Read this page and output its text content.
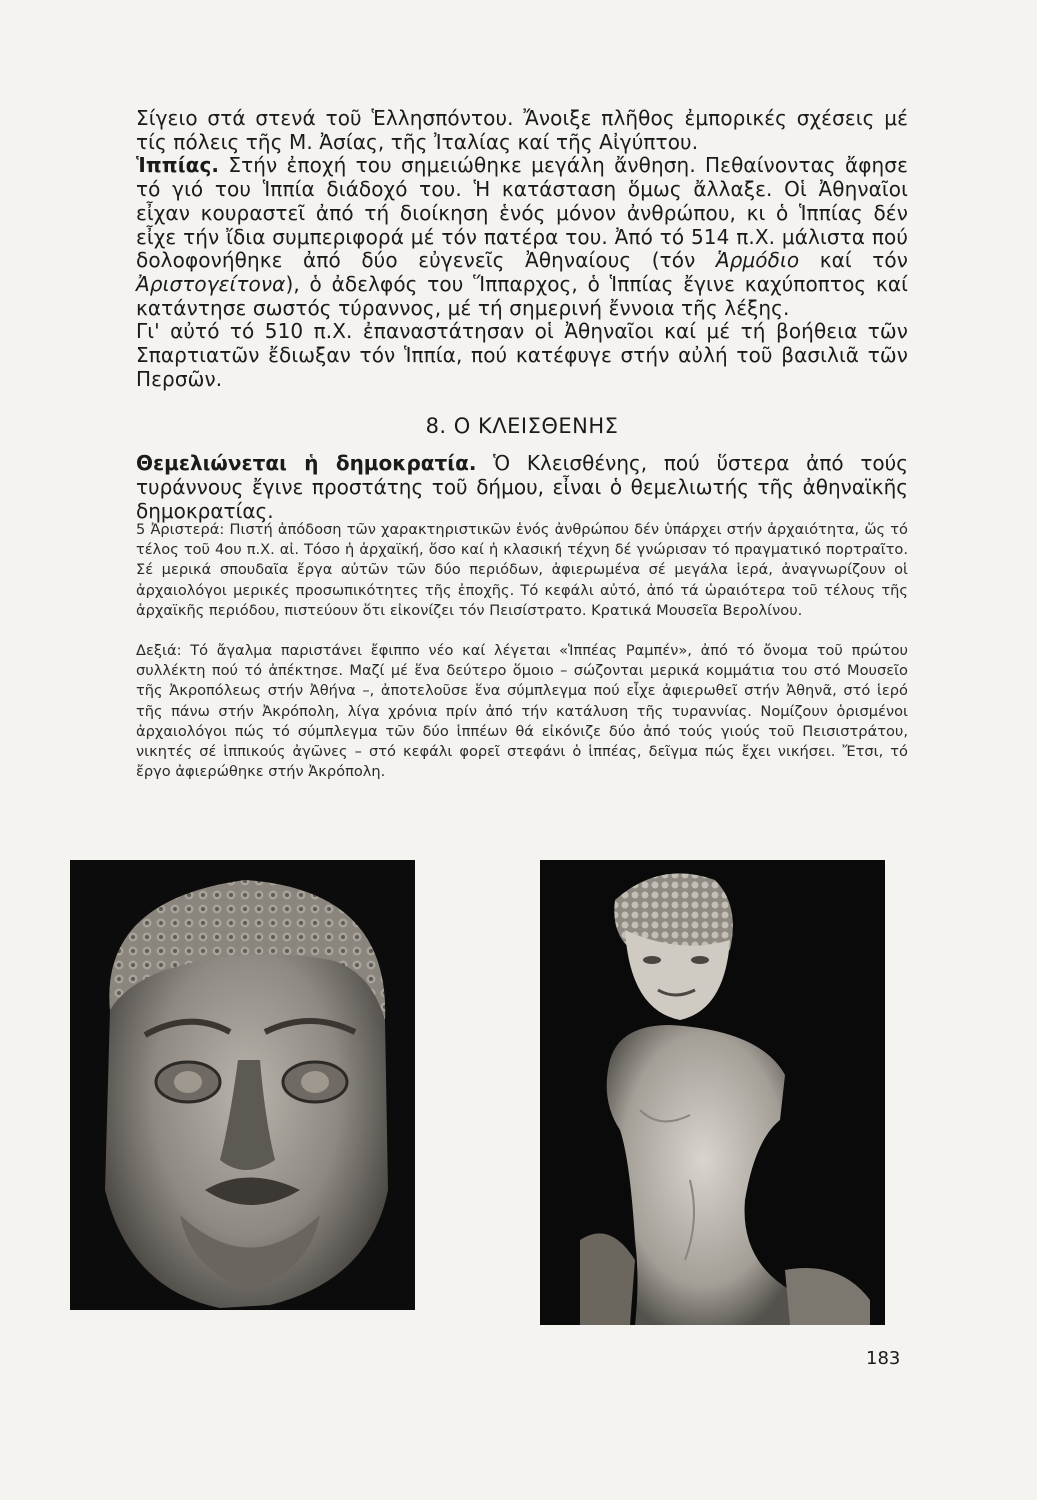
Σίγειο στά στενά τοῦ Ἑλλησπόντου. Ἄνοιξε πλῆθος ἐμπορικές σχέσεις μέ τίς πόλεις τῆς Μ. Ἀσίας, τῆς Ἰταλίας καί τῆς Αἰγύπτου.

Ἱππίας. Στήν ἐποχή του σημειώθηκε μεγάλη ἄνθηση. Πεθαίνοντας ἄφησε τό γιό του Ἱππία διάδοχό του. Ἡ κατάσταση ὅμως ἄλλαξε. Οἱ Ἀθηναῖοι εἶχαν κουραστεῖ ἀπό τή διοίκηση ἑνός μόνον ἀνθρώπου, κι ὁ Ἱππίας δέν εἶχε τήν ἴδια συμπεριφορά μέ τόν πατέρα του. Ἀπό τό 514 π.Χ. μάλιστα πού δολοφονήθηκε ἀπό δύο εὐγενεῖς Ἀθηναίους (τόν Ἁρμόδιο καί τόν Ἀριστογείτονα), ὁ ἀδελφός του Ἵππαρχος, ὁ Ἱππίας ἔγινε καχύποπτος καί κατάντησε σωστός τύραννος, μέ τή σημερινή ἔννοια τῆς λέξης.

Γι' αὐτό τό 510 π.Χ. ἐπαναστάτησαν οἱ Ἀθηναῖοι καί μέ τή βοήθεια τῶν Σπαρτιατῶν ἔδιωξαν τόν Ἱππία, πού κατέφυγε στήν αὐλή τοῦ βασιλιᾶ τῶν Περσῶν.

8. Ο ΚΛΕΙΣΘΕΝΗΣ
Θεμελιώνεται ἡ δημοκρατία. Ὁ Κλεισθένης, πού ὕστερα ἀπό τούς τυράννους ἔγινε προστάτης τοῦ δήμου, εἶναι ὁ θεμελιωτής τῆς ἀθηναϊκῆς δημοκρατίας.

5 Ἀριστερά: Πιστή ἀπόδοση τῶν χαρακτηριστικῶν ἑνός ἀνθρώπου δέν ὑπάρχει στήν ἀρχαιότητα, ὥς τό τέλος τοῦ 4ου π.Χ. αἰ. Τόσο ἡ ἀρχαϊκή, ὅσο καί ἡ κλασική τέχνη δέ γνώρισαν τό πραγματικό πορτραῖτο. Σέ μερικά σπουδαῖα ἔργα αὐτῶν τῶν δύο περιόδων, ἀφιερωμένα σέ μεγάλα ἱερά, ἀναγνωρίζουν οἱ ἀρχαιολόγοι μερικές προσωπικότητες τῆς ἐποχῆς. Τό κεφάλι αὐτό, ἀπό τά ὡραιότερα τοῦ τέλους τῆς ἀρχαϊκῆς περιόδου, πιστεύουν ὅτι εἰκονίζει τόν Πεισίστρατο. Κρατικά Μουσεῖα Βερολίνου.

Δεξιά: Τό ἄγαλμα παριστάνει ἔφιππο νέο καί λέγεται «Ἱππέας Ραμπέν», ἀπό τό ὄνομα τοῦ πρώτου συλλέκτη πού τό ἀπέκτησε. Μαζί μέ ἕνα δεύτερο ὅμοιο – σώζονται μερικά κομμάτια του στό Μουσεῖο τῆς Ἀκροπόλεως στήν Ἀθήνα –, ἀποτελοῦσε ἕνα σύμπλεγμα πού εἶχε ἀφιερωθεῖ στήν Ἀθηνᾶ, στό ἱερό τῆς πάνω στήν Ἀκρόπολη, λίγα χρόνια πρίν ἀπό τήν κατάλυση τῆς τυραννίας. Νομίζουν ὁρισμένοι ἀρχαιολόγοι πώς τό σύμπλεγμα τῶν δύο ἱππέων θά εἰκόνιζε δύο ἀπό τούς γιούς τοῦ Πεισιστράτου, νικητές σέ ἱππικούς ἀγῶνες – στό κεφάλι φορεῖ στεφάνι ὁ ἱππέας, δεῖγμα πώς ἔχει νικήσει. Ἔτσι, τό ἔργο ἀφιερώθηκε στήν Ἀκρόπολη.

183
